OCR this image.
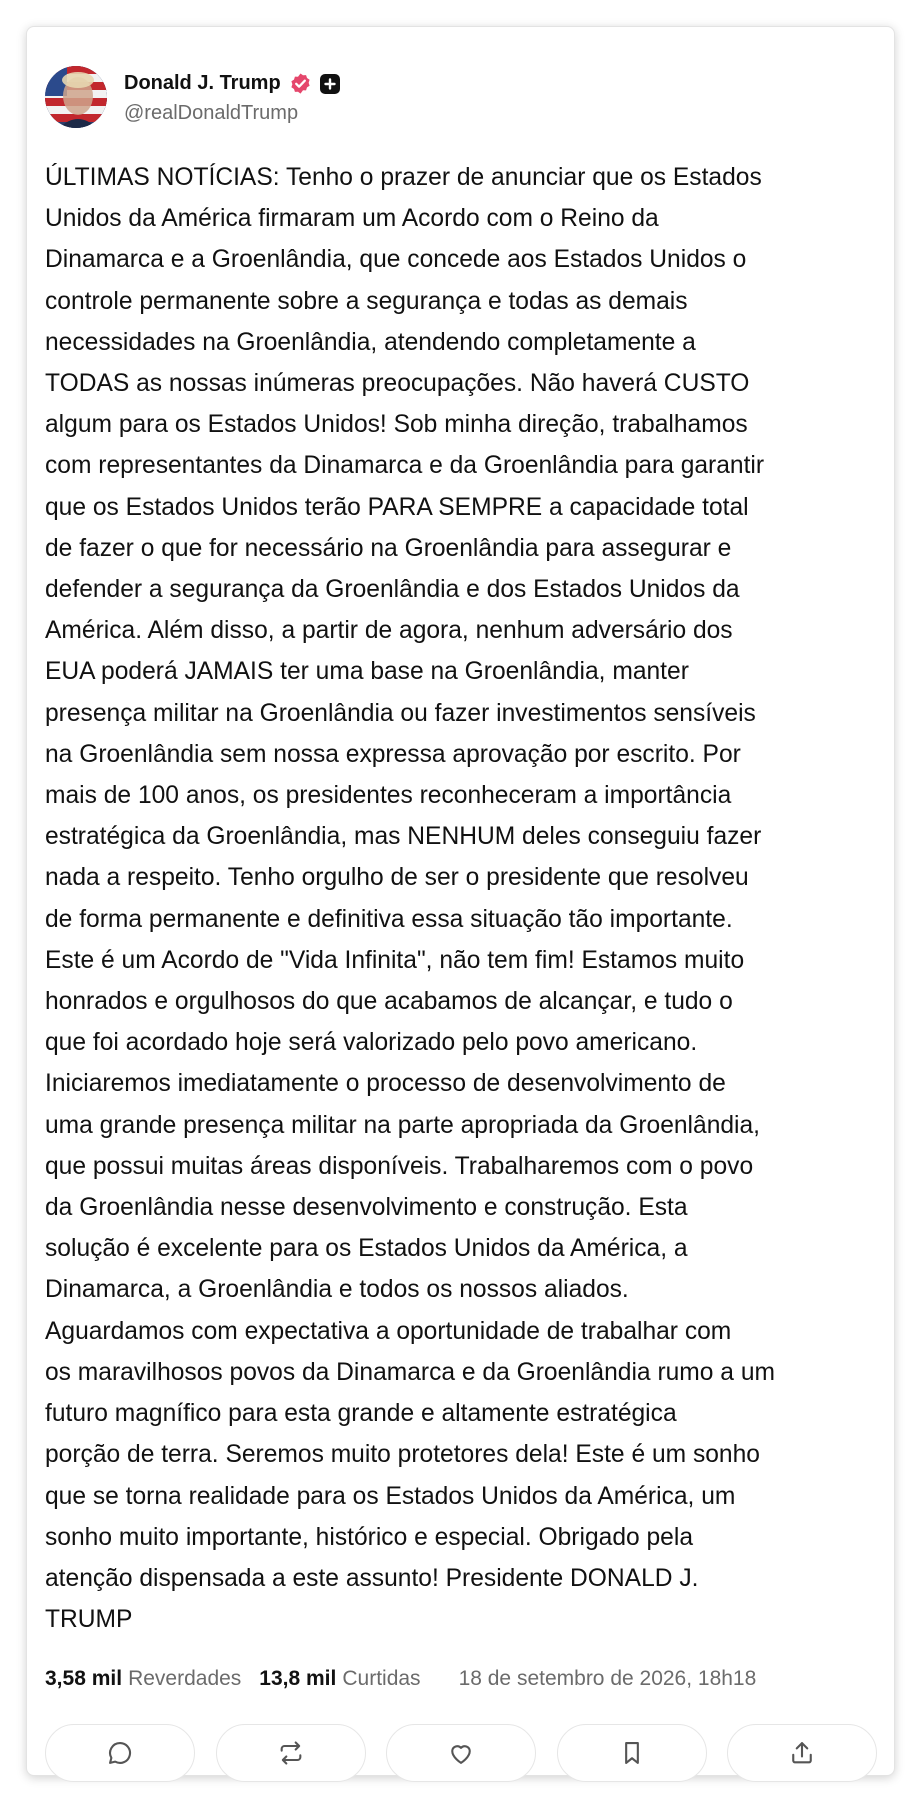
Donald J. Trump
@realDonaldTrump

ÚLTIMAS NOTÍCIAS: Tenho o prazer de anunciar que os Estados
Unidos da América firmaram um Acordo com o Reino da
Dinamarca e a Groenlândia, que concede aos Estados Unidos o
controle permanente sobre a segurança e todas as demais
necessidades na Groenlândia, atendendo completamente a
TODAS as nossas inúmeras preocupações. Não haverá CUSTO
algum para os Estados Unidos! Sob minha direção, trabalhamos
com representantes da Dinamarca e da Groenlândia para garantir
que os Estados Unidos terão PARA SEMPRE a capacidade total
de fazer o que for necessário na Groenlândia para assegurar e
defender a segurança da Groenlândia e dos Estados Unidos da
América. Além disso, a partir de agora, nenhum adversário dos
EUA poderá JAMAIS ter uma base na Groenlândia, manter
presença militar na Groenlândia ou fazer investimentos sensíveis
na Groenlândia sem nossa expressa aprovação por escrito. Por
mais de 100 anos, os presidentes reconheceram a importância
estratégica da Groenlândia, mas NENHUM deles conseguiu fazer
nada a respeito. Tenho orgulho de ser o presidente que resolveu
de forma permanente e definitiva essa situação tão importante.
Este é um Acordo de "Vida Infinita", não tem fim! Estamos muito
honrados e orgulhosos do que acabamos de alcançar, e tudo o
que foi acordado hoje será valorizado pelo povo americano.
Iniciaremos imediatamente o processo de desenvolvimento de
uma grande presença militar na parte apropriada da Groenlândia,
que possui muitas áreas disponíveis. Trabalharemos com o povo
da Groenlândia nesse desenvolvimento e construção. Esta
solução é excelente para os Estados Unidos da América, a
Dinamarca, a Groenlândia e todos os nossos aliados.
Aguardamos com expectativa a oportunidade de trabalhar com
os maravilhosos povos da Dinamarca e da Groenlândia rumo a um
futuro magnífico para esta grande e altamente estratégica
porção de terra. Seremos muito protetores dela! Este é um sonho
que se torna realidade para os Estados Unidos da América, um
sonho muito importante, histórico e especial. Obrigado pela
atenção dispensada a este assunto! Presidente DONALD J.
TRUMP

3,58 mil Reverdades 13,8 mil Curtidas 18 de setembro de 2026, 18h18
